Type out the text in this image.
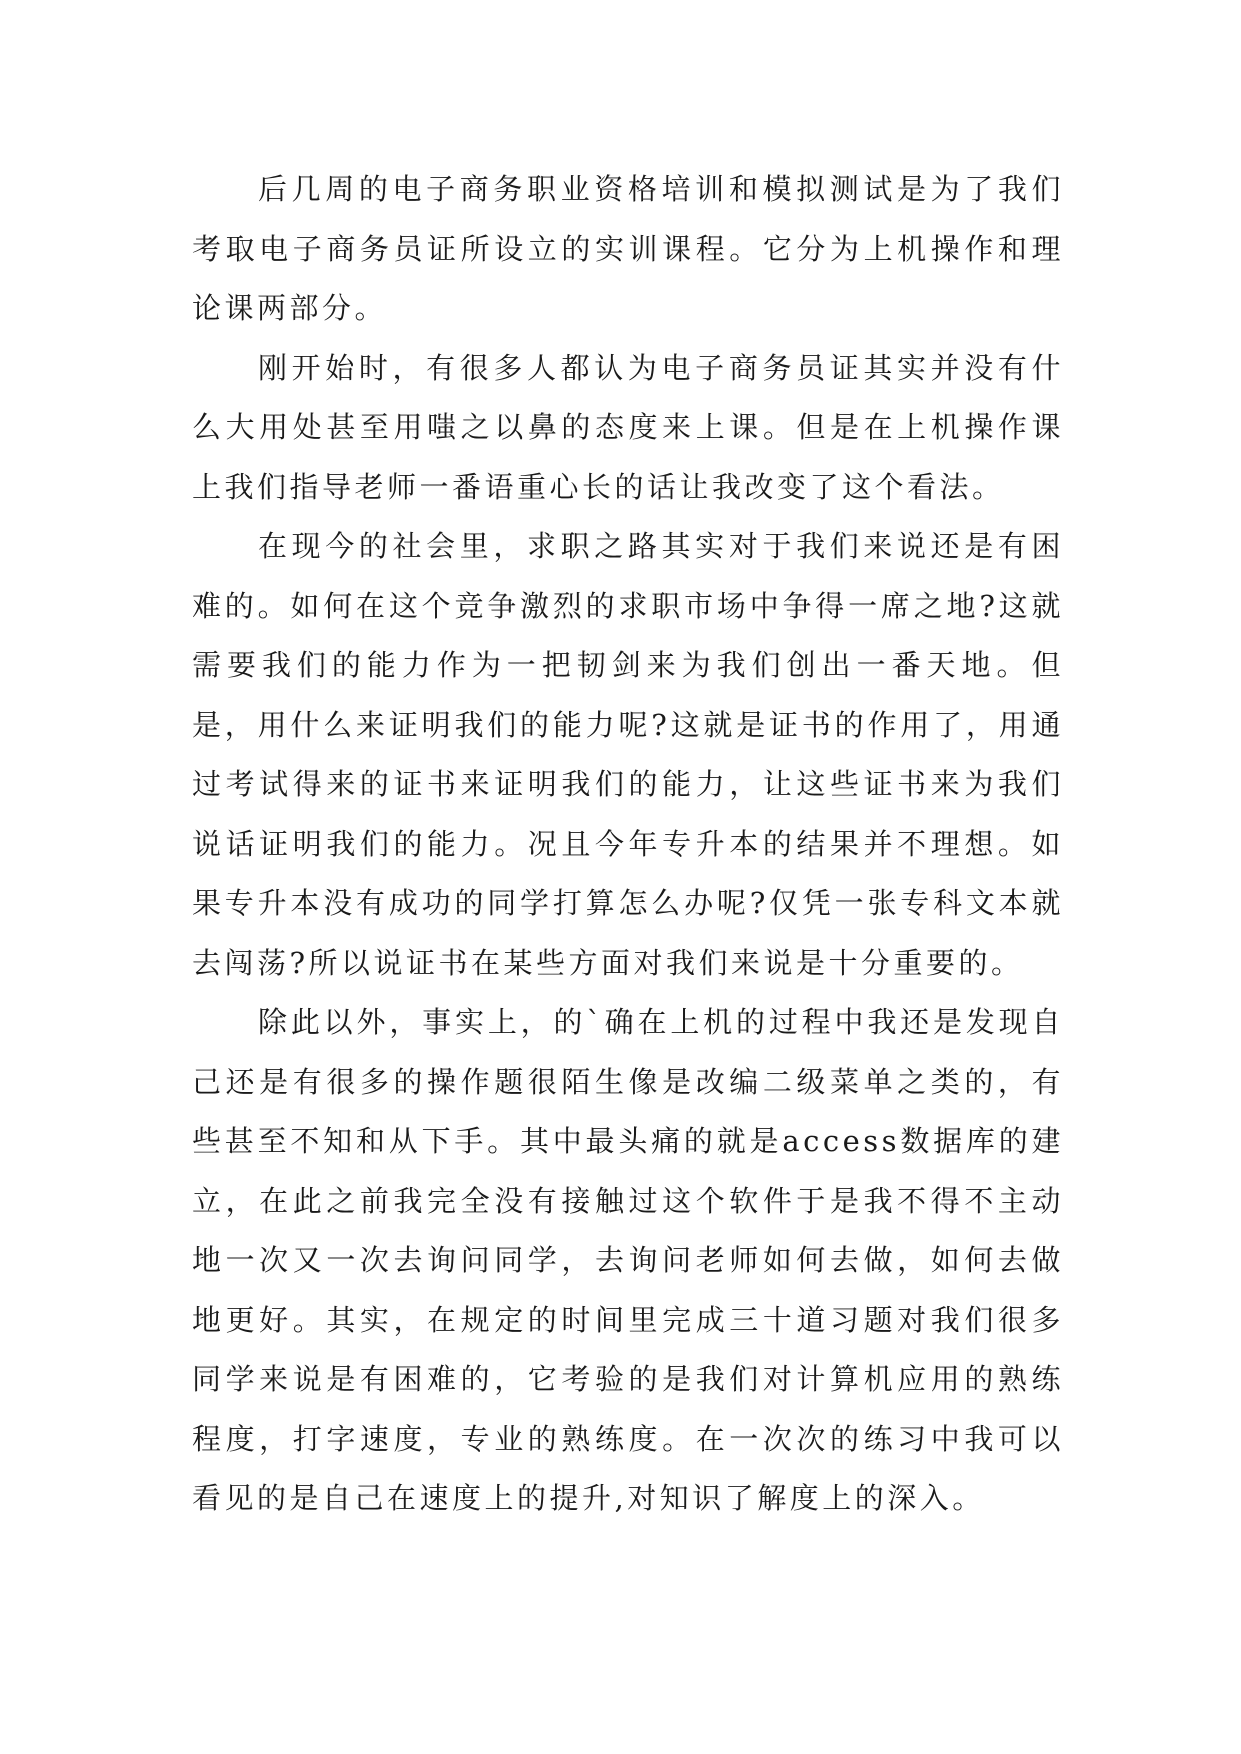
后几周的电子商务职业资格培训和模拟测试是为了我们考取电子商务员证所设立的实训课程。它分为上机操作和理论课两部分。

刚开始时，有很多人都认为电子商务员证其实并没有什么大用处甚至用嗤之以鼻的态度来上课。但是在上机操作课上我们指导老师一番语重心长的话让我改变了这个看法。

在现今的社会里，求职之路其实对于我们来说还是有困难的。如何在这个竞争激烈的求职市场中争得一席之地?这就需要我们的能力作为一把韧剑来为我们创出一番天地。但是，用什么来证明我们的能力呢?这就是证书的作用了，用通过考试得来的证书来证明我们的能力，让这些证书来为我们说话证明我们的能力。况且今年专升本的结果并不理想。如果专升本没有成功的同学打算怎么办呢?仅凭一张专科文本就去闯荡?所以说证书在某些方面对我们来说是十分重要的。

除此以外，事实上，的`确在上机的过程中我还是发现自己还是有很多的操作题很陌生像是改编二级菜单之类的，有些甚至不知和从下手。其中最头痛的就是access数据库的建立，在此之前我完全没有接触过这个软件于是我不得不主动地一次又一次去询问同学，去询问老师如何去做，如何去做地更好。其实，在规定的时间里完成三十道习题对我们很多同学来说是有困难的，它考验的是我们对计算机应用的熟练程度，打字速度，专业的熟练度。在一次次的练习中我可以看见的是自己在速度上的提升,对知识了解度上的深入。
